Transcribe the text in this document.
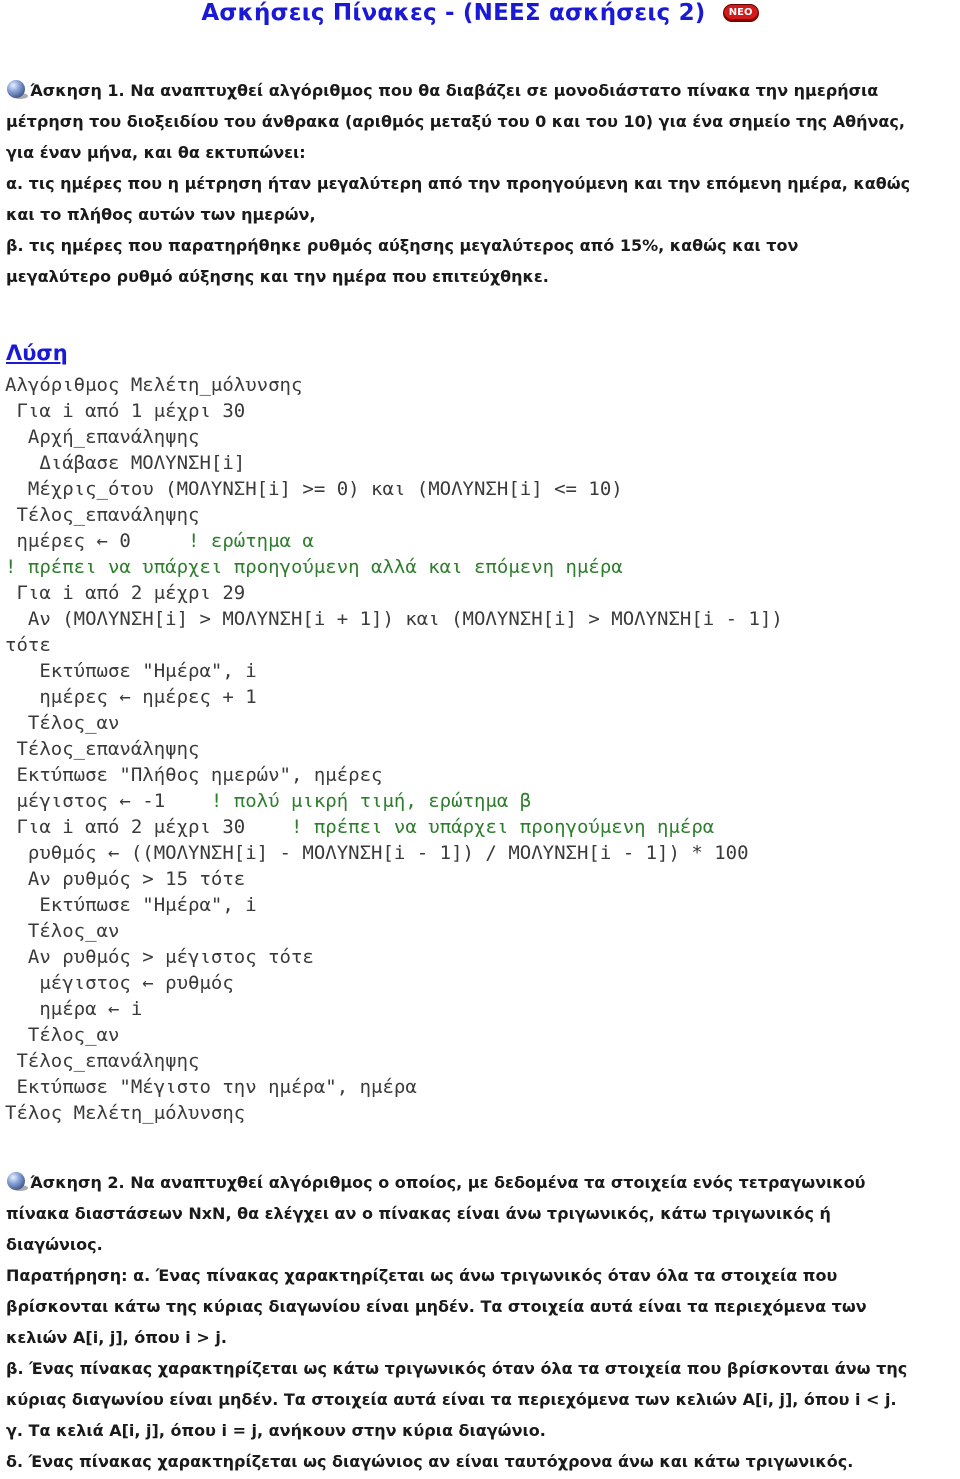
Ασκήσεις Πίνακες - (ΝΕΕΣ ασκήσεις 2) ΝΕΟ
Άσκηση 1. Να αναπτυχθεί αλγόριθμος που θα διαβάζει σε μονοδιάστατο πίνακα την ημερήσια
μέτρηση του διοξειδίου του άνθρακα (αριθμός μεταξύ του 0 και του 10) για ένα σημείο της Αθήνας,
για έναν μήνα, και θα εκτυπώνει:
α. τις ημέρες που η μέτρηση ήταν μεγαλύτερη από την προηγούμενη και την επόμενη ημέρα, καθώς
και το πλήθος αυτών των ημερών,
β. τις ημέρες που παρατηρήθηκε ρυθμός αύξησης μεγαλύτερος από 15%, καθώς και τον
μεγαλύτερο ρυθμό αύξησης και την ημέρα που επιτεύχθηκε.
Λύση
Αλγόριθμος Μελέτη_μόλυνσης
Για i από 1 μέχρι 30
Αρχή_επανάληψης
Διάβασε ΜΟΛΥΝΣΗ[i]
Μέχρις_ότου (ΜΟΛΥΝΣΗ[i] >= 0) και (ΜΟΛΥΝΣΗ[i] <= 10)
Τέλος_επανάληψης
ημέρες ← 0     ! ερώτημα α
! πρέπει να υπάρχει προηγούμενη αλλά και επόμενη ημέρα
Για i από 2 μέχρι 29
Αν (ΜΟΛΥΝΣΗ[i] > ΜΟΛΥΝΣΗ[i + 1]) και (ΜΟΛΥΝΣΗ[i] > ΜΟΛΥΝΣΗ[i - 1])
τότε
Εκτύπωσε "Ημέρα", i
ημέρες ← ημέρες + 1
Τέλος_αν
Τέλος_επανάληψης
Εκτύπωσε "Πλήθος ημερών", ημέρες
μέγιστος ← -1    ! πολύ μικρή τιμή, ερώτημα β
Για i από 2 μέχρι 30    ! πρέπει να υπάρχει προηγούμενη ημέρα
ρυθμός ← ((ΜΟΛΥΝΣΗ[i] - ΜΟΛΥΝΣΗ[i - 1]) / ΜΟΛΥΝΣΗ[i - 1]) * 100
Αν ρυθμός > 15 τότε
Εκτύπωσε "Ημέρα", i
Τέλος_αν
Αν ρυθμός > μέγιστος τότε
μέγιστος ← ρυθμός
ημέρα ← i
Τέλος_αν
Τέλος_επανάληψης
Εκτύπωσε "Μέγιστο την ημέρα", ημέρα
Τέλος Μελέτη_μόλυνσης
Άσκηση 2. Να αναπτυχθεί αλγόριθμος ο οποίος, με δεδομένα τα στοιχεία ενός τετραγωνικού
πίνακα διαστάσεων ΝxΝ, θα ελέγχει αν ο πίνακας είναι άνω τριγωνικός, κάτω τριγωνικός ή
διαγώνιος.
Παρατήρηση: α. Ένας πίνακας χαρακτηρίζεται ως άνω τριγωνικός όταν όλα τα στοιχεία που
βρίσκονται κάτω της κύριας διαγωνίου είναι μηδέν. Τα στοιχεία αυτά είναι τα περιεχόμενα των
κελιών A[i, j], όπου i > j.
β. Ένας πίνακας χαρακτηρίζεται ως κάτω τριγωνικός όταν όλα τα στοιχεία που βρίσκονται άνω της
κύριας διαγωνίου είναι μηδέν. Τα στοιχεία αυτά είναι τα περιεχόμενα των κελιών A[i, j], όπου i < j.
γ. Τα κελιά A[i, j], όπου i = j, ανήκουν στην κύρια διαγώνιο.
δ. Ένας πίνακας χαρακτηρίζεται ως διαγώνιος αν είναι ταυτόχρονα άνω και κάτω τριγωνικός.
